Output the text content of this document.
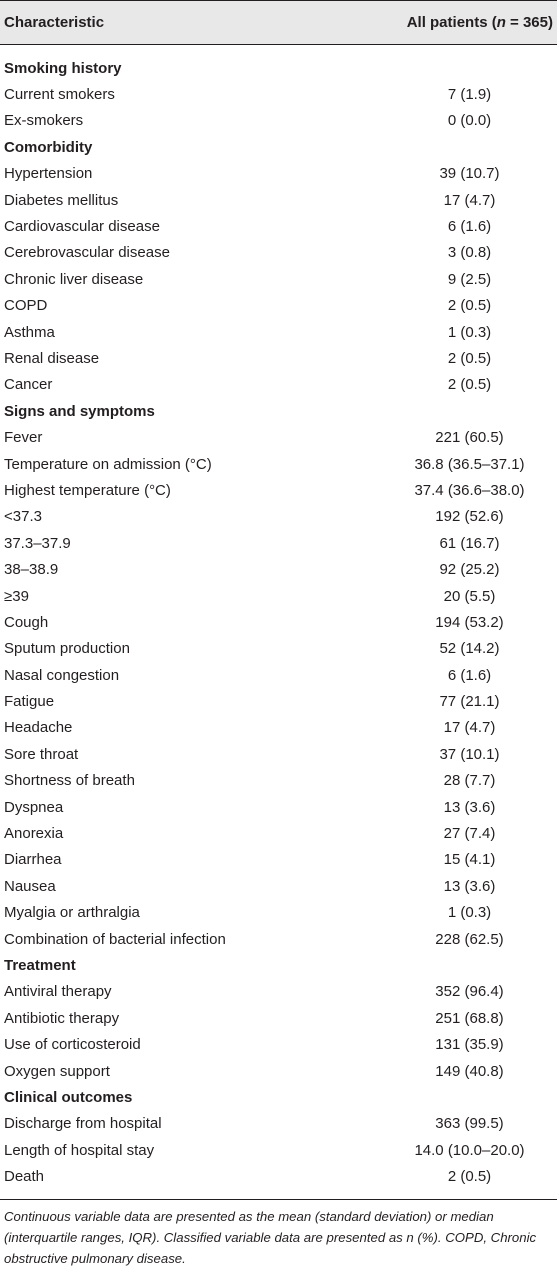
Characteristic	All patients (n = 365)
Smoking history
Current smokers	7 (1.9)
Ex-smokers	0 (0.0)
Comorbidity
Hypertension	39 (10.7)
Diabetes mellitus	17 (4.7)
Cardiovascular disease	6 (1.6)
Cerebrovascular disease	3 (0.8)
Chronic liver disease	9 (2.5)
COPD	2 (0.5)
Asthma	1 (0.3)
Renal disease	2 (0.5)
Cancer	2 (0.5)
Signs and symptoms
Fever	221 (60.5)
Temperature on admission (°C)	36.8 (36.5–37.1)
Highest temperature (°C)	37.4 (36.6–38.0)
<37.3	192 (52.6)
37.3–37.9	61 (16.7)
38–38.9	92 (25.2)
≥39	20 (5.5)
Cough	194 (53.2)
Sputum production	52 (14.2)
Nasal congestion	6 (1.6)
Fatigue	77 (21.1)
Headache	17 (4.7)
Sore throat	37 (10.1)
Shortness of breath	28 (7.7)
Dyspnea	13 (3.6)
Anorexia	27 (7.4)
Diarrhea	15 (4.1)
Nausea	13 (3.6)
Myalgia or arthralgia	1 (0.3)
Combination of bacterial infection	228 (62.5)
Treatment
Antiviral therapy	352 (96.4)
Antibiotic therapy	251 (68.8)
Use of corticosteroid	131 (35.9)
Oxygen support	149 (40.8)
Clinical outcomes
Discharge from hospital	363 (99.5)
Length of hospital stay	14.0 (10.0–20.0)
Death	2 (0.5)
Continuous variable data are presented as the mean (standard deviation) or median (interquartile ranges, IQR). Classified variable data are presented as n (%). COPD, Chronic obstructive pulmonary disease.
